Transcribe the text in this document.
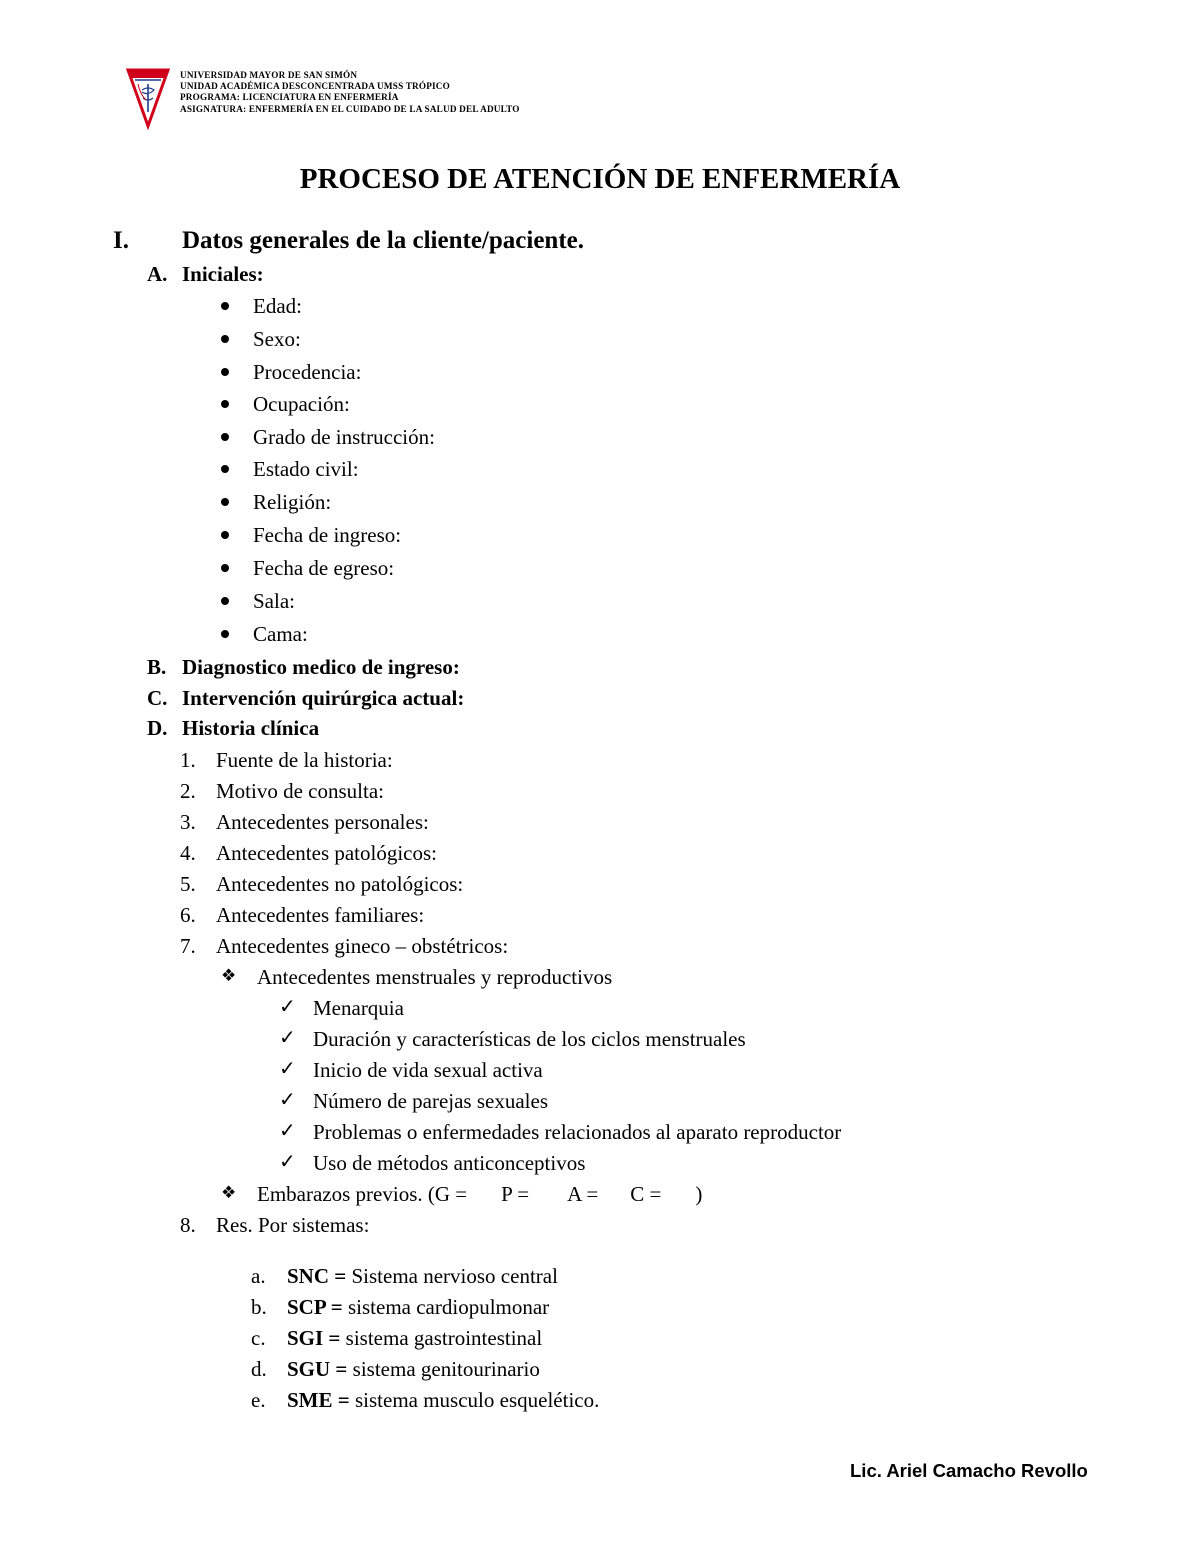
UNIVERSIDAD MAYOR DE SAN SIMÓN
UNIDAD ACADÉMICA DESCONCENTRADA UMSS TRÓPICO
PROGRAMA: LICENCIATURA EN ENFERMERÍA
ASIGNATURA: ENFERMERÍA EN EL CUIDADO DE LA SALUD DEL ADULTO
PROCESO DE ATENCIÓN DE ENFERMERÍA
I. Datos generales de la cliente/paciente.
A. Iniciales:
Edad:
Sexo:
Procedencia:
Ocupación:
Grado de instrucción:
Estado civil:
Religión:
Fecha de ingreso:
Fecha de egreso:
Sala:
Cama:
B. Diagnostico medico de ingreso:
C. Intervención quirúrgica actual:
D. Historia clínica
1. Fuente de la historia:
2. Motivo de consulta:
3. Antecedentes personales:
4. Antecedentes patológicos:
5. Antecedentes no patológicos:
6. Antecedentes familiares:
7. Antecedentes gineco – obstétricos:
❖ Antecedentes menstruales y reproductivos
✓ Menarquia
✓ Duración y características de los ciclos menstruales
✓ Inicio de vida sexual activa
✓ Número de parejas sexuales
✓ Problemas o enfermedades relacionados al aparato reproductor
✓ Uso de métodos anticonceptivos
❖ Embarazos previos. (G = P = A = C = )
8. Res. Por sistemas:
a. SNC = Sistema nervioso central
b. SCP = sistema cardiopulmonar
c. SGI = sistema gastrointestinal
d. SGU = sistema genitourinario
e. SME = sistema musculo esquelético.
Lic. Ariel Camacho Revollo
